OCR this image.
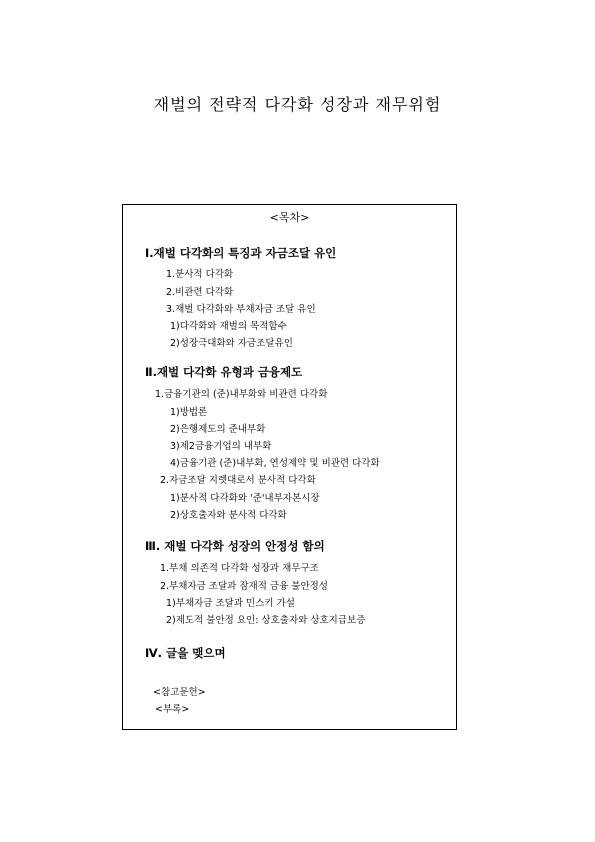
재벌의 전략적 다각화 성장과 재무위험
<목차>
Ⅰ.재벌 다각화의 특징과 자금조달 유인
1.분사적 다각화
2.비관련 다각화
3.재벌 다각화와 부채자금 조달 유인
1)다각화와 재벌의 목적함수
2)성장극대화와 자금조달유인
Ⅱ.재벌 다각화 유형과 금융제도
1.금융기관의 (준)내부화와 비관련 다각화
1)방법론
2)은행제도의 준내부화
3)제2금융기업의 내부화
4)금융기관 (준)내부화, 연성제약 및 비관련 다각화
2.자금조달 지렛대로서 분사적 다각화
1)분사적 다각화와 '준'내부자본시장
2)상호출자와 분사적 다각화
Ⅲ. 재벌 다각화 성장의 안정성 함의
1.부채 의존적 다각화 성장과 재무구조
2.부채자금 조달과 잠재적 금융 불안정성
1)부채자금 조달과 민스키 가설
2)제도적 불안정 요인: 상호출자와 상호지급보증
Ⅳ. 글을 맺으며
<참고문헌>
<부록>
